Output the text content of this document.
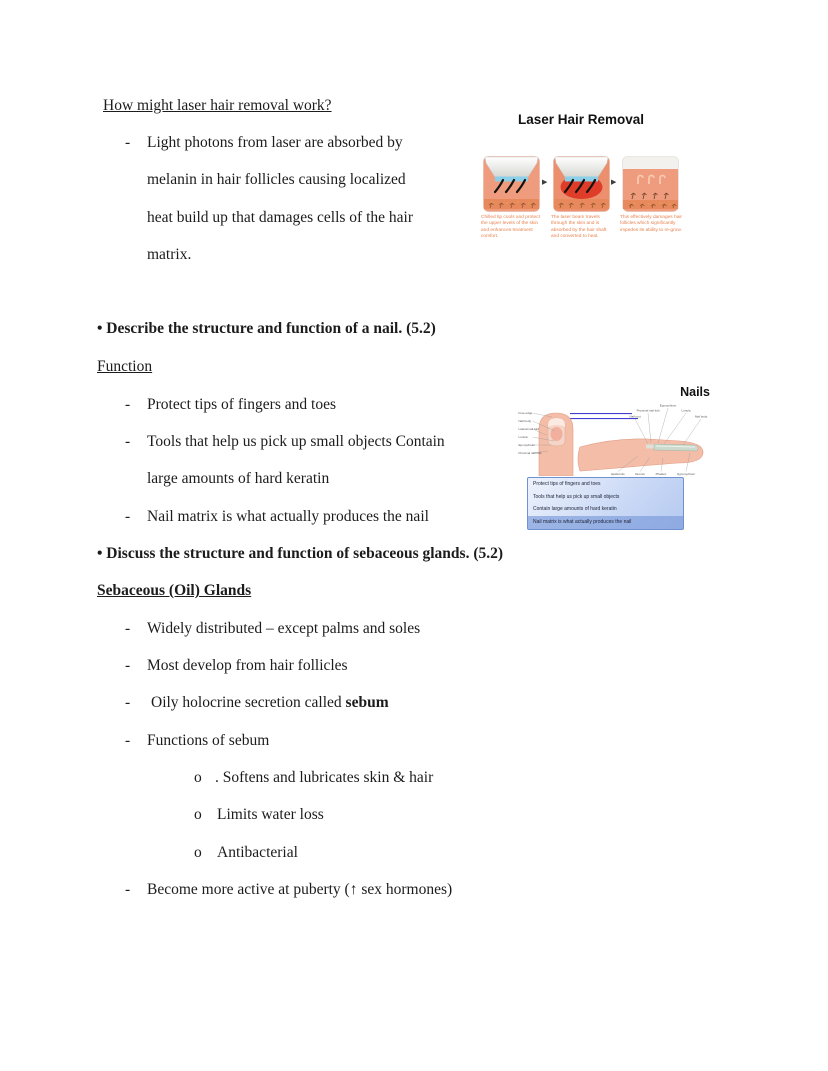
How might laser hair removal work?
- Light photons from laser are absorbed by
melanin in hair follicles causing localized
heat build up that damages cells of the hair
matrix.
Laser Hair Removal
▶	▶
Chilled tip cools and protect the upper levels of the skin and enhances treatment comfort.
The laser beam travels through the skin and is absorbed by the hair shaft and converted to heat.
This effectively damages hair follicles which significantly impedes its ability to re-grow.
• Describe the structure and function of a nail. (5.2)
Function
- Protect tips of fingers and toes
- Tools that help us pick up small objects Contain
large amounts of hard keratin
- Nail matrix is what actually produces the nail
Nails
Free edge
Nail body
Lateral nail fold
Lunula
Eponychium
Proximal nail fold
Eponychium
Proximal nail fold	Lunula
Nail root	Nail body
Epidermis	Dermis	Phalanx	Hyponychium
Protect tips of fingers and toes
Tools that help us pick up small objects
Contain large amounts of hard keratin
Nail matrix is what actually produces the nail
• Discuss the structure and function of sebaceous glands. (5.2)
Sebaceous (Oil) Glands
- Widely distributed – except palms and soles
- Most develop from hair follicles
- Oily holocrine secretion called sebum
- Functions of sebum
o . Softens and lubricates skin & hair
o Limits water loss
o Antibacterial
- Become more active at puberty (↑ sex hormones)
